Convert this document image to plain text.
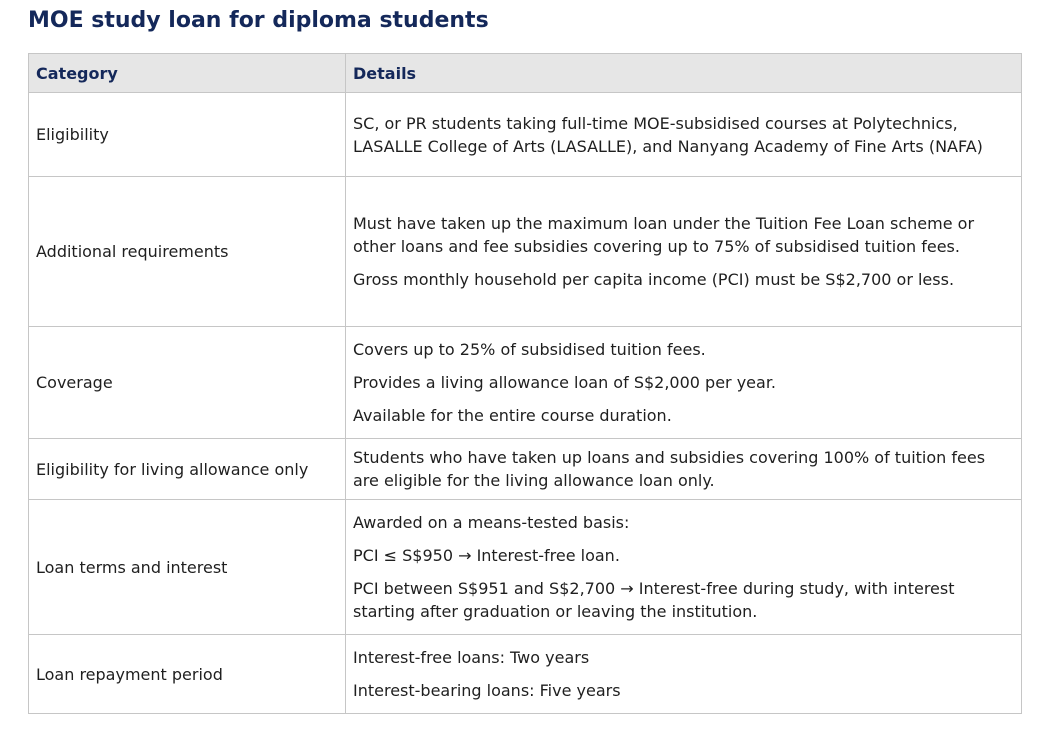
MOE study loan for diploma students
Category	Details
Eligibility	SC, or PR students taking full-time MOE-subsidised courses at Polytechnics, LASALLE College of Arts (LASALLE), and Nanyang Academy of Fine Arts (NAFA)

Additional requirements	Must have taken up the maximum loan under the Tuition Fee Loan scheme or other loans and fee subsidies covering up to 75% of subsidised tuition fees.

Gross monthly household per capita income (PCI) must be S$2,700 or less.

Coverage	Covers up to 25% of subsidised tuition fees.

Provides a living allowance loan of S$2,000 per year.

Available for the entire course duration.

Eligibility for living allowance only	Students who have taken up loans and subsidies covering 100% of tuition fees are eligible for the living allowance loan only.

Loan terms and interest	Awarded on a means-tested basis:

PCI ≤ S$950 → Interest-free loan.

PCI between S$951 and S$2,700 → Interest-free during study, with interest starting after graduation or leaving the institution.

Loan repayment period	Interest-free loans: Two years

Interest-bearing loans: Five years
